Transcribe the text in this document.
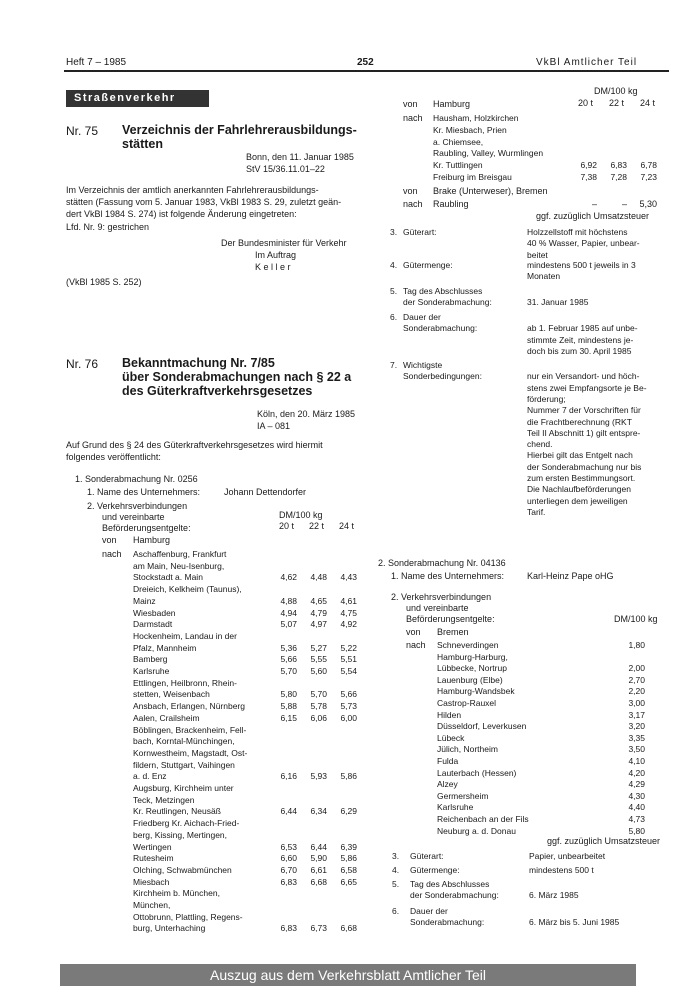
Heft 7 – 1985	252	VkBl Amtlicher Teil
Straßenverkehr
Nr. 75 Verzeichnis der Fahrlehrerausbildungs-
stätten
Bonn, den 11. Januar 1985
StV 15/36.11.01–22
Im Verzeichnis der amtlich anerkannten Fahrlehrerausbildungs-
stätten (Fassung vom 5. Januar 1983, VkBl 1983 S. 29, zuletzt geän-
dert VkBl 1984 S. 274) ist folgende Änderung eingetreten:
Lfd. Nr. 9: gestrichen
Der Bundesminister für Verkehr
Im Auftrag
K e l l e r
(VkBl 1985 S. 252)
Nr. 76 Bekanntmachung Nr. 7/85
über Sonderabmachungen nach § 22 a
des Güterkraftverkehrsgesetzes
Köln, den 20. März 1985
IA – 081
Auf Grund des § 24 des Güterkraftverkehrsgesetzes wird hiermit
folgendes veröffentlicht:
1. Sonderabmachung Nr. 0256
1. Name des Unternehmers:	Johann Dettendorfer
2. Verkehrsverbindungen
und vereinbarte
Beförderungsentgelte:
DM/100 kg
20 t 22 t 24 t
von Hamburg
nach Aschaffenburg, Frankfurt
am Main, Neu-Isenburg,
Stockstadt a. Main	4,62	4,48	4,43
Dreieich, Kelkheim (Taunus),
Mainz	4,88	4,65	4,61
Wiesbaden	4,94	4,79	4,75
Darmstadt	5,07	4,97	4,92
Hockenheim, Landau in der
Pfalz, Mannheim	5,36	5,27	5,22
Bamberg	5,66	5,55	5,51
Karlsruhe	5,70	5,60	5,54
Ettlingen, Heilbronn, Rhein-
stetten, Weisenbach	5,80	5,70	5,66
Ansbach, Erlangen, Nürnberg	5,88	5,78	5,73
Aalen, Crailsheim	6,15	6,06	6,00
Böblingen, Brackenheim, Fell-
bach, Korntal-Münchingen,
Kornwestheim, Magstadt, Ost-
fildern, Stuttgart, Vaihingen
a. d. Enz	6,16	5,93	5,86
Augsburg, Kirchheim unter
Teck, Metzingen
Kr. Reutlingen, Neusäß	6,44	6,34	6,29
Friedberg Kr. Aichach-Fried-
berg, Kissing, Mertingen,
Wertingen	6,53	6,44	6,39
Rutesheim	6,60	5,90	5,86
Olching, Schwabmünchen	6,70	6,61	6,58
Miesbach	6,83	6,68	6,65
Kirchheim b. München,
München,
Ottobrunn, Plattling, Regens-
burg, Unterhaching	6,83	6,73	6,68
DM/100 kg
20 t 22 t 24 t
von Hamburg
nach Hausham, Holzkirchen
Kr. Miesbach, Prien
a. Chiemsee,
Raubling, Valley, Wurmlingen
Kr. Tuttlingen	6,92	6,83	6,78
Freiburg im Breisgau	7,38	7,28	7,23
von Brake (Unterweser), Bremen
nach Raubling	–	–	5,30
ggf. zuzüglich Umsatzsteuer
3. Güterart:	Holzzellstoff mit höchstens
40 % Wasser, Papier, unbear-
beitet
4. Gütermenge:	mindestens 500 t jeweils in 3
Monaten
5. Tag des Abschlusses
der Sonderabmachung:	31. Januar 1985
6. Dauer der
Sonderabmachung:	ab 1. Februar 1985 auf unbe-
stimmte Zeit, mindestens je-
doch bis zum 30. April 1985
7. Wichtigste
Sonderbedingungen:	nur ein Versandort- und höch-
stens zwei Empfangsorte je Be-
förderung;
Nummer 7 der Vorschriften für
die Frachtberechnung (RKT
Teil II Abschnitt 1) gilt entspre-
chend.
Hierbei gilt das Entgelt nach
der Sonderabmachung nur bis
zum ersten Bestimmungsort.
Die Nachlaufbeförderungen
unterliegen dem jeweiligen
Tarif.
2. Sonderabmachung Nr. 04136
1. Name des Unternehmers:	Karl-Heinz Pape oHG
2. Verkehrsverbindungen
und vereinbarte
Beförderungsentgelte:	DM/100 kg
von Bremen
nach Schneverdingen	1,80
Hamburg-Harburg,
Lübbecke, Nortrup	2,00
Lauenburg (Elbe)	2,70
Hamburg-Wandsbek	2,20
Castrop-Rauxel	3,00
Hilden	3,17
Düsseldorf, Leverkusen	3,20
Lübeck	3,35
Jülich, Northeim	3,50
Fulda	4,10
Lauterbach (Hessen)	4,20
Alzey	4,29
Germersheim	4,30
Karlsruhe	4,40
Reichenbach an der Fils	4,73
Neuburg a. d. Donau	5,80
ggf. zuzüglich Umsatzsteuer
3. Güterart:	Papier, unbearbeitet
4. Gütermenge:	mindestens 500 t
5. Tag des Abschlusses
der Sonderabmachung:	6. März 1985
6. Dauer der
Sonderabmachung:	6. März bis 5. Juni 1985
Auszug aus dem Verkehrsblatt Amtlicher Teil
